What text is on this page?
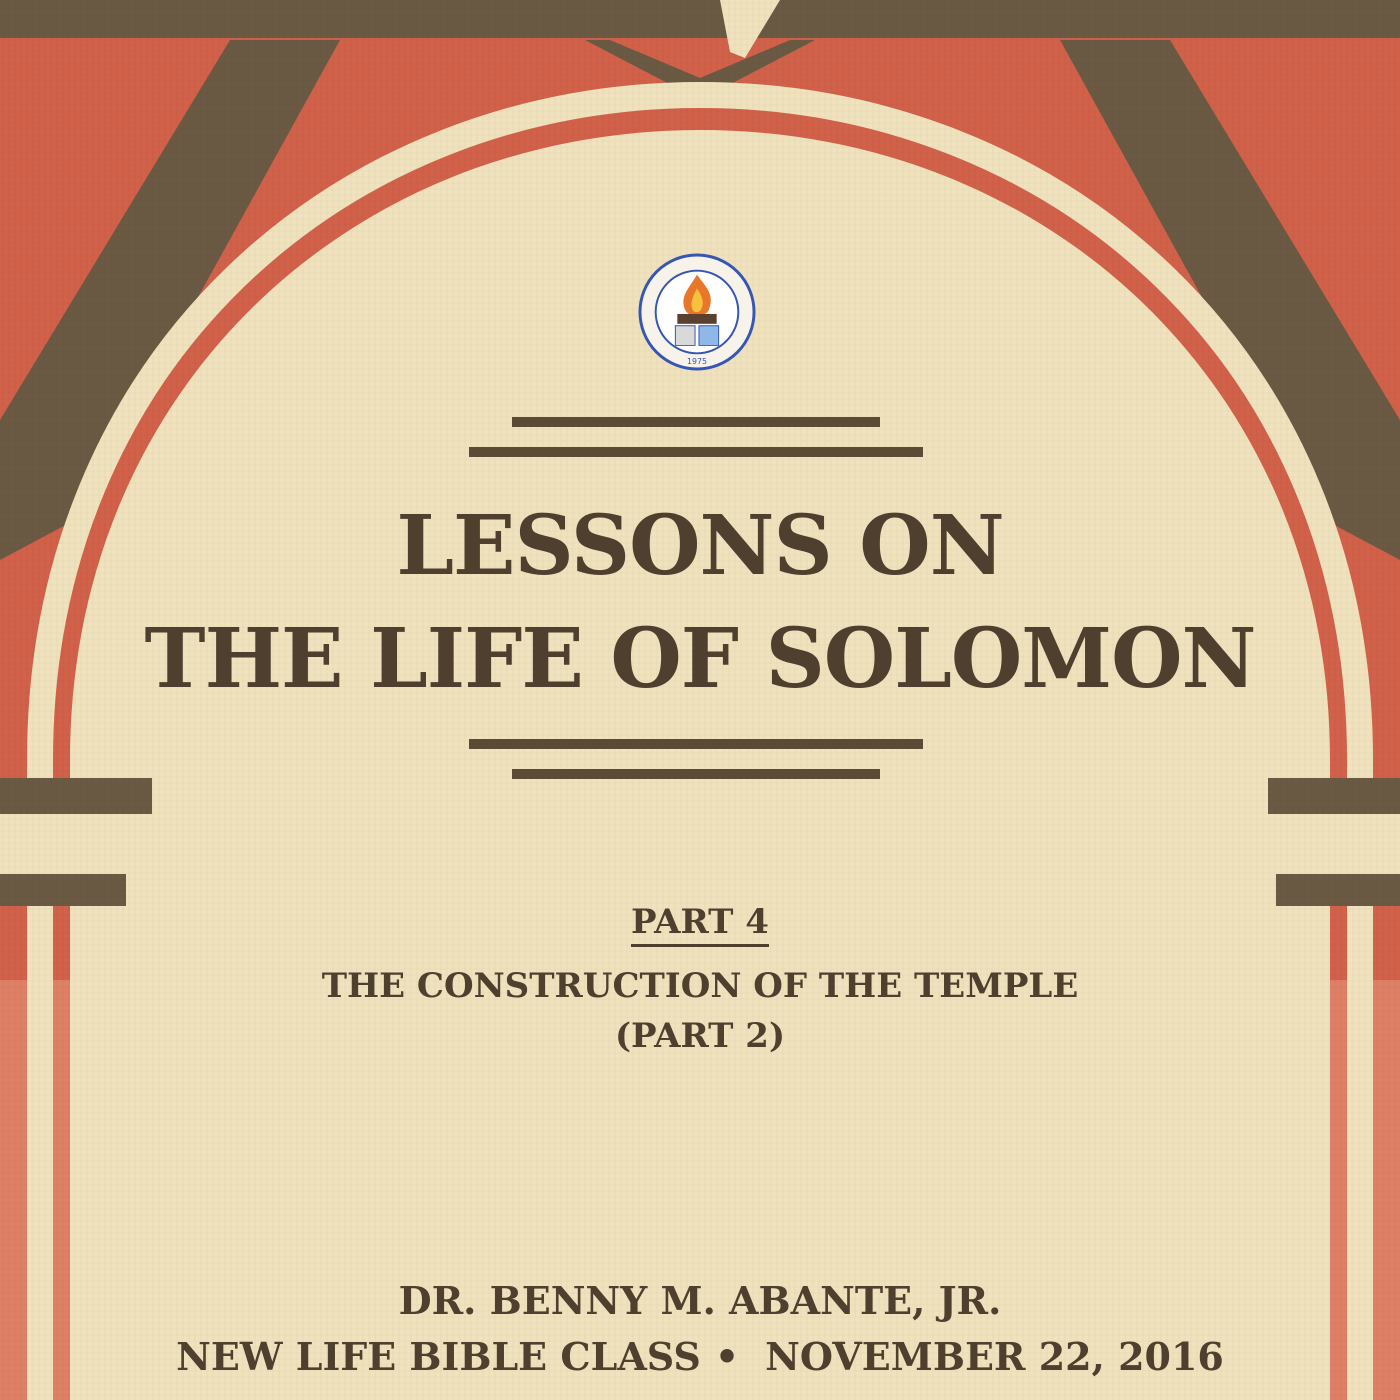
1975
LESSONS ON
THE LIFE OF SOLOMON

PART 4

THE CONSTRUCTION OF THE TEMPLE

(PART 2)

DR. BENNY M. ABANTE, JR.

NEW LIFE BIBLE CLASS • NOVEMBER 22, 2016
